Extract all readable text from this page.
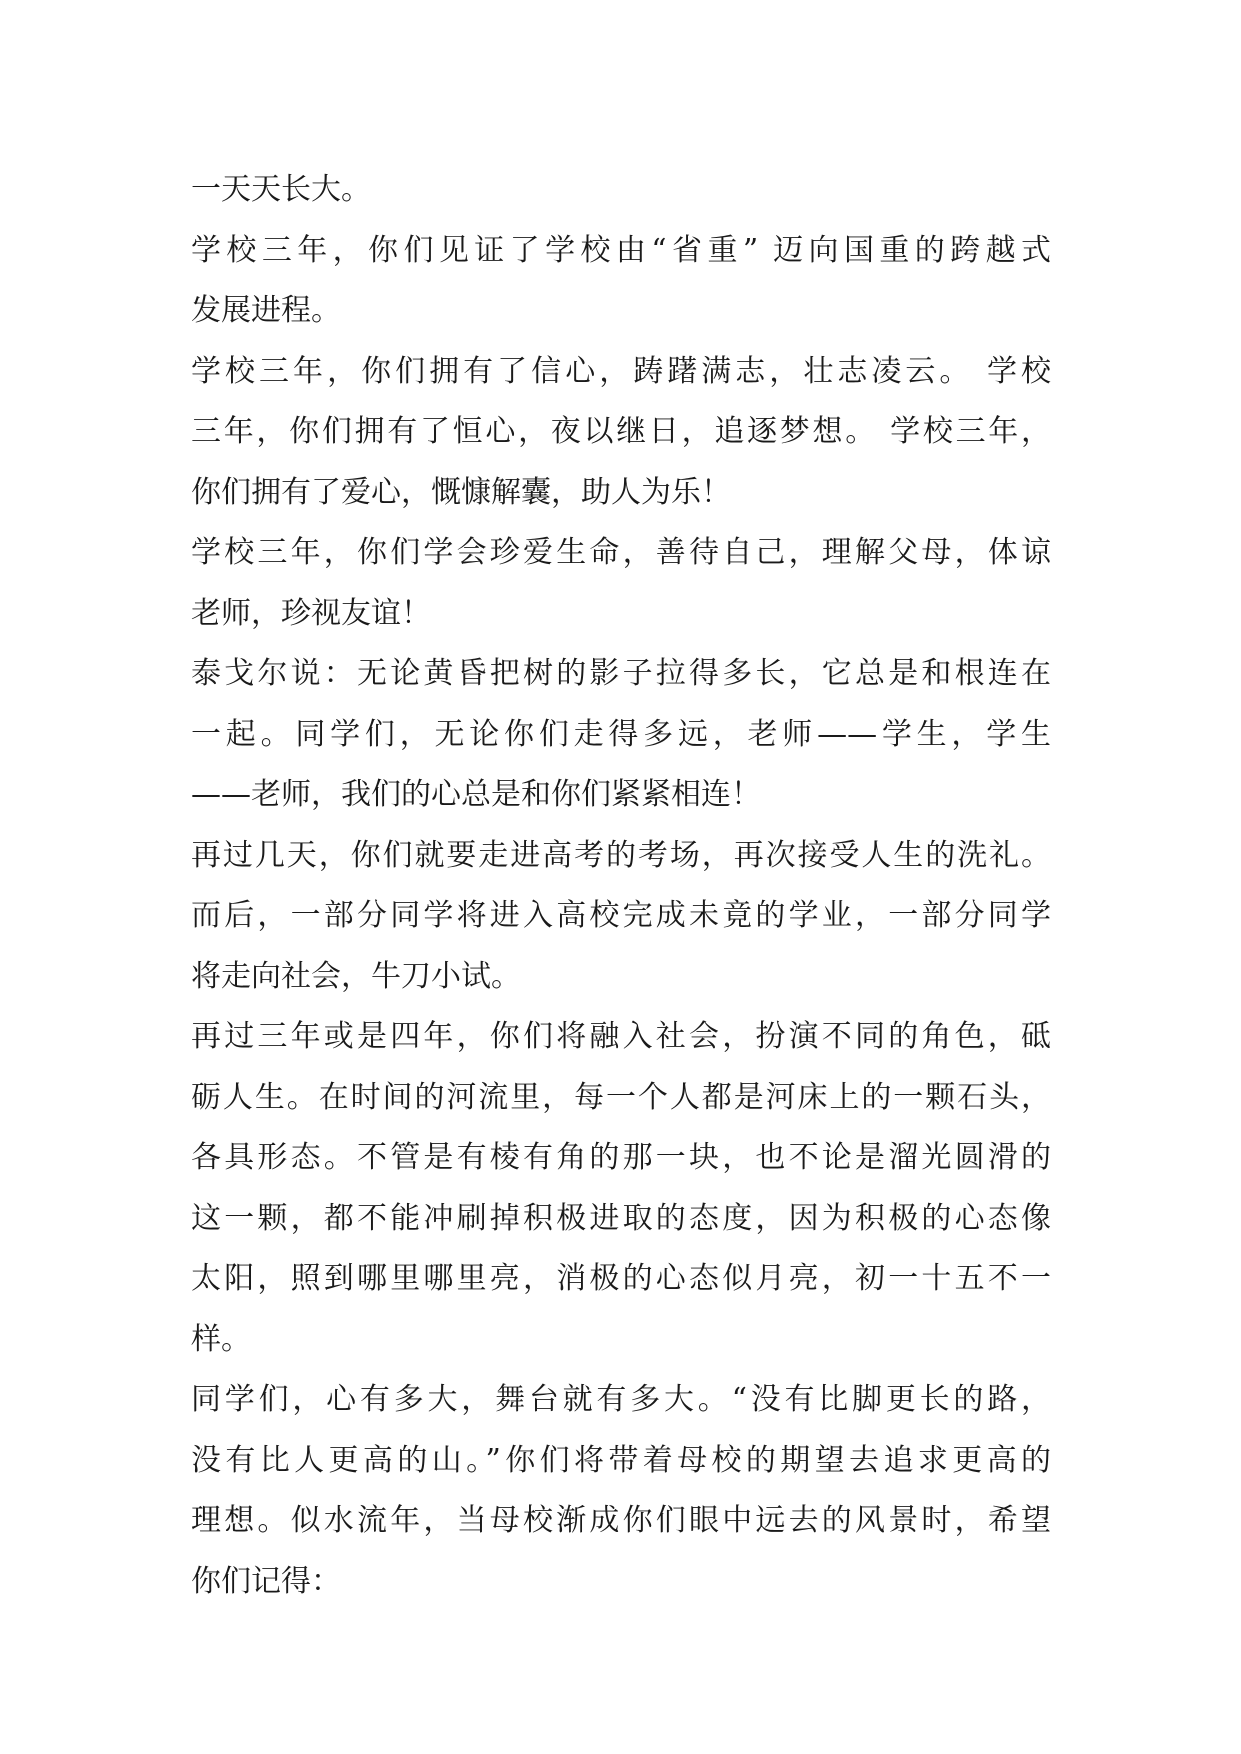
一天天长大。
学校三年，你们见证了学校由“省重” 迈向国重的跨越式
发展进程。
学校三年，你们拥有了信心，踌躇满志，壮志凌云。 学校
三年，你们拥有了恒心，夜以继日，追逐梦想。 学校三年，
你们拥有了爱心，慨慷解囊，助人为乐！
学校三年，你们学会珍爱生命，善待自己，理解父母，体谅
老师，珍视友谊！
泰戈尔说：无论黄昏把树的影子拉得多长，它总是和根连在
一起。同学们，无论你们走得多远，老师——学生，学生
——老师，我们的心总是和你们紧紧相连！
再过几天，你们就要走进高考的考场，再次接受人生的洗礼。
而后，一部分同学将进入高校完成未竟的学业，一部分同学
将走向社会，牛刀小试。
再过三年或是四年，你们将融入社会，扮演不同的角色，砥
砺人生。在时间的河流里，每一个人都是河床上的一颗石头，
各具形态。不管是有棱有角的那一块，也不论是溜光圆滑的
这一颗，都不能冲刷掉积极进取的态度，因为积极的心态像
太阳，照到哪里哪里亮，消极的心态似月亮，初一十五不一
样。
同学们，心有多大，舞台就有多大。“没有比脚更长的路，
没有比人更高的山。”你们将带着母校的期望去追求更高的
理想。似水流年，当母校渐成你们眼中远去的风景时，希望
你们记得：
